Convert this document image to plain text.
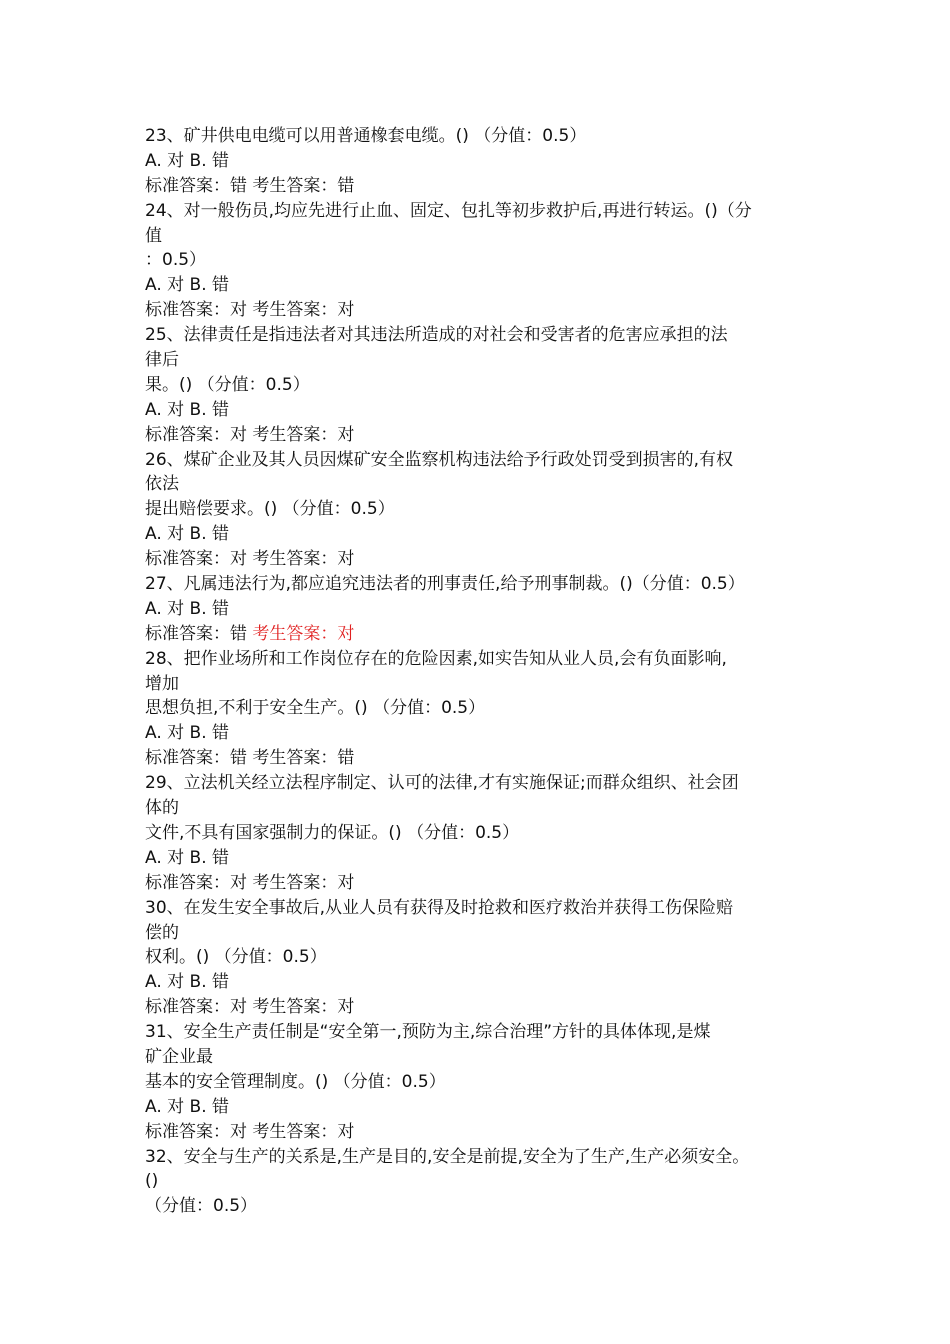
23、矿井供电电缆可以用普通橡套电缆。() （分值：0.5）
A. 对 B. 错
标准答案：错 考生答案：错
24、对一般伤员,均应先进行止血、固定、包扎等初步救护后,再进行转运。()（分
值
：0.5）
A. 对 B. 错
标准答案：对 考生答案：对
25、法律责任是指违法者对其违法所造成的对社会和受害者的危害应承担的法
律后
果。() （分值：0.5）
A. 对 B. 错
标准答案：对 考生答案：对
26、煤矿企业及其人员因煤矿安全监察机构违法给予行政处罚受到损害的,有权
依法
提出赔偿要求。() （分值：0.5）
A. 对 B. 错
标准答案：对 考生答案：对
27、凡属违法行为,都应追究违法者的刑事责任,给予刑事制裁。()（分值：0.5）
A. 对 B. 错
标准答案：错 考生答案：对
28、把作业场所和工作岗位存在的危险因素,如实告知从业人员,会有负面影响,
增加
思想负担,不利于安全生产。() （分值：0.5）
A. 对 B. 错
标准答案：错 考生答案：错
29、立法机关经立法程序制定、认可的法律,才有实施保证;而群众组织、社会团
体的
文件,不具有国家强制力的保证。() （分值：0.5）
A. 对 B. 错
标准答案：对 考生答案：对
30、在发生安全事故后,从业人员有获得及时抢救和医疗救治并获得工伤保险赔
偿的
权利。() （分值：0.5）
A. 对 B. 错
标准答案：对 考生答案：对
31、安全生产责任制是“安全第一,预防为主,综合治理”方针的具体体现,是煤
矿企业最
基本的安全管理制度。() （分值：0.5）
A. 对 B. 错
标准答案：对 考生答案：对
32、安全与生产的关系是,生产是目的,安全是前提,安全为了生产,生产必须安全。
()
（分值：0.5）
